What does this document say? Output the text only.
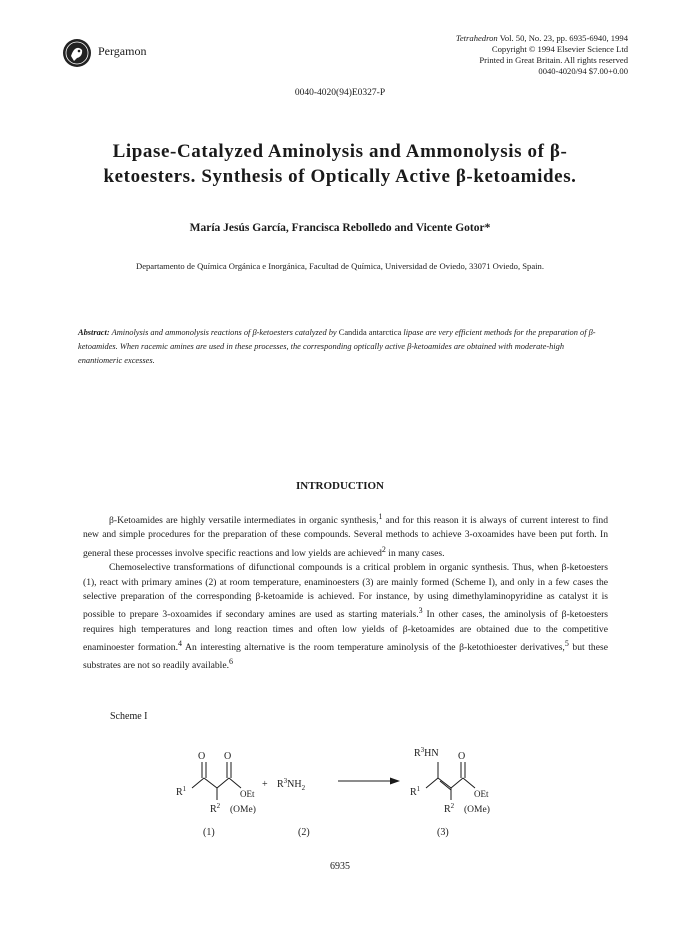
Pergamon
Tetrahedron Vol. 50, No. 23, pp. 6935-6940, 1994
Copyright © 1994 Elsevier Science Ltd
Printed in Great Britain. All rights reserved
0040-4020/94 $7.00+0.00
0040-4020(94)E0327-P
Lipase-Catalyzed Aminolysis and Ammonolysis of β-
ketoesters. Synthesis of Optically Active β-ketoamides.
María Jesús García, Francisca Rebolledo and Vicente Gotor*
Departamento de Química Orgánica e Inorgánica, Facultad de Química, Universidad de Oviedo, 33071 Oviedo, Spain.
Abstract: Aminolysis and ammonolysis reactions of β-ketoesters catalyzed by Candida antarctica lipase are very efficient methods for the preparation of β-ketoamides. When racemic amines are used in these processes, the corresponding optically active β-ketoamides are obtained with moderate-high enantiomeric excesses.
INTRODUCTION

β-Ketoamides are highly versatile intermediates in organic synthesis,$^1$ and for this reason it is always of current interest to find new and simple procedures for the preparation of these compounds. Several methods to achieve 3-oxoamides have been put forth. In general these processes involve specific reactions and low yields are achieved$^2$ in many cases.

Chemoselective transformations of difunctional compounds is a critical problem in organic synthesis. Thus, when β-ketoesters (1), react with primary amines (2) at room temperature, enaminoesters (3) are mainly formed (Scheme I), and only in a few cases the selective preparation of the corresponding β-ketoamide is achieved. For instance, by using dimethylaminopyridine as catalyst it is possible to prepare 3-oxoamides if secondary amines are used as starting materials.$^3$ In other cases, the aminolysis of β-ketoesters requires high temperatures and long reaction times and often low yields of β-ketoamides are obtained due to the competitive enaminoester formation.$^4$ An interesting alternative is the room temperature aminolysis of the β-ketothioester derivatives,$^5$ but these substrates are not so readily available.$^6$

Scheme I
O O
$R^1$	OEt
$R^2$ (OMe)
(1)
+ $R^3NH_2$
(2)
$R^3HN$ O
$R^1$	OEt
$R^2$ (OMe)
(3)
6935
